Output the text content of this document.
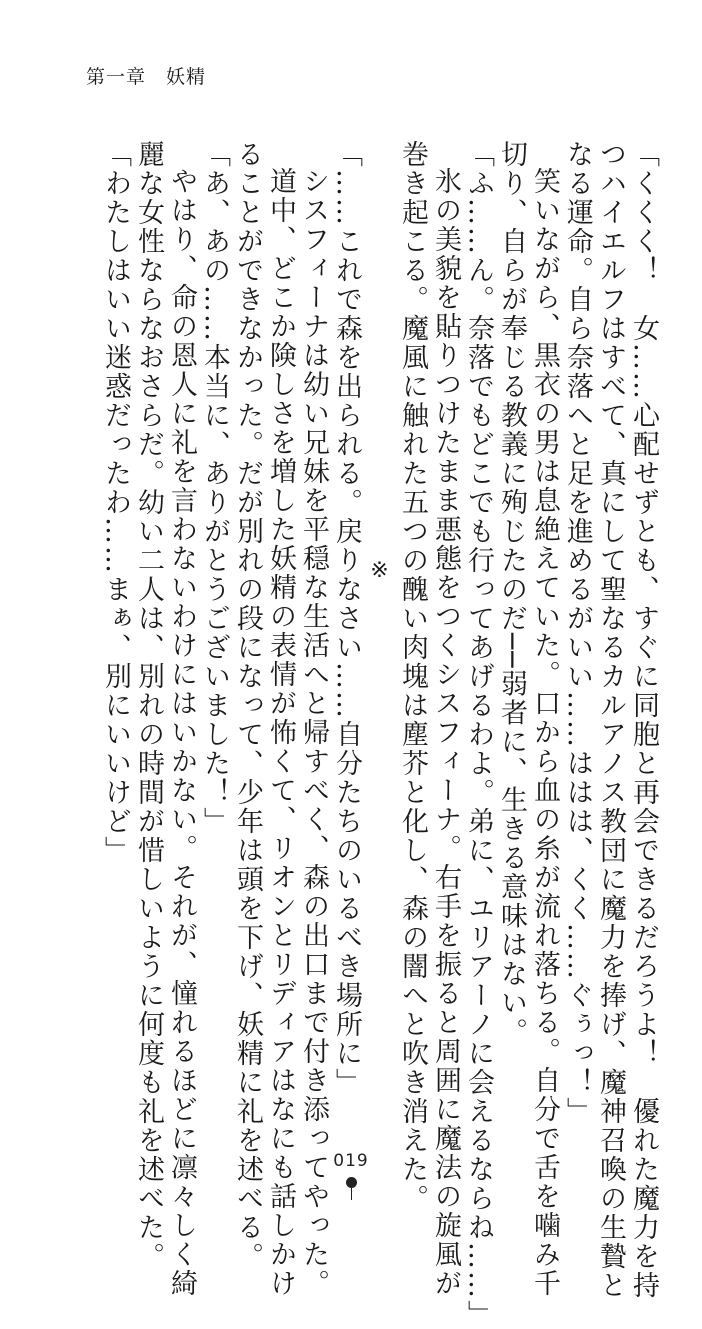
第一章　妖精

「くくく！　女……心配せずとも、すぐに同胞と再会できるだろうよ！　優れた魔力を持

つハイエルフはすべて、真にして聖なるカルアノス教団に魔力を捧げ、魔神召喚の生贄と

なる運命。自ら奈落へと足を進めるがいい……ははは、くく……ぐぅっ！」

笑いながら、黒衣の男は息絶えていた。口から血の糸が流れ落ちる。自分で舌を噛み千

切り、自らが奉じる教義に殉じたのだ──弱者に、生きる意味はない。

「ふ……ん。奈落でもどこでも行ってあげるわよ。弟に、ユリアーノに会えるならね……」

氷の美貌を貼りつけたまま悪態をつくシスフィーナ。右手を振ると周囲に魔法の旋風が

巻き起こる。魔風に触れた五つの醜い肉塊は塵芥と化し、森の闇へと吹き消えた。

※

「……これで森を出られる。戻りなさい……自分たちのいるべき場所に」

シスフィーナは幼い兄妹を平穏な生活へと帰すべく、森の出口まで付き添ってやった。

道中、どこか険しさを増した妖精の表情が怖くて、リオンとリディアはなにも話しかけ

ることができなかった。だが別れの段になって、少年は頭を下げ、妖精に礼を述べる。

「あ、あの……本当に、ありがとうございました！」

やはり、命の恩人に礼を言わないわけにはいかない。それが、憧れるほどに凛々しく綺

麗な女性ならなおさらだ。幼い二人は、別れの時間が惜しいように何度も礼を述べた。

「わたしはいい迷惑だったわ……まぁ、別にいいけど」

019
